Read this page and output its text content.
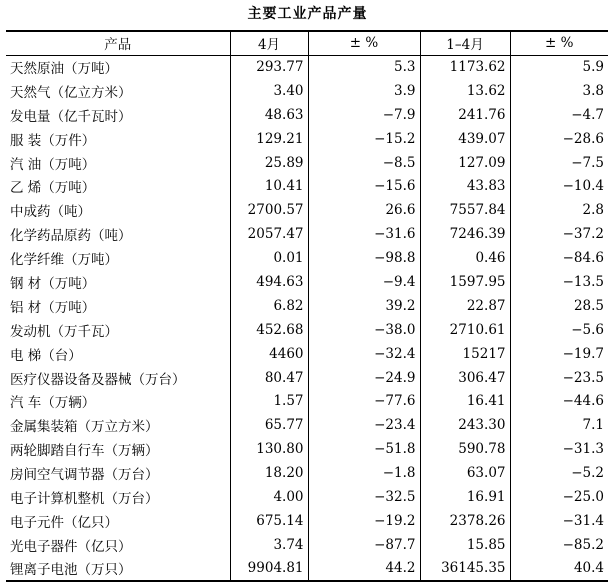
主要工业产品产量
产品	4月	± %	1–4月	± %
天然原油（万吨）	293.77	5.3	1173.62	5.9
天然气（亿立方米）	3.40	3.9	13.62	3.8
发电量（亿千瓦时）	48.63	−7.9	241.76	−4.7
服 装（万件）	129.21	−15.2	439.07	−28.6
汽 油（万吨）	25.89	−8.5	127.09	−7.5
乙 烯（万吨）	10.41	−15.6	43.83	−10.4
中成药（吨）	2700.57	26.6	7557.84	2.8
化学药品原药（吨）	2057.47	−31.6	7246.39	−37.2
化学纤维（万吨）	0.01	−98.8	0.46	−84.6
钢 材（万吨）	494.63	−9.4	1597.95	−13.5
铝 材（万吨）	6.82	39.2	22.87	28.5
发动机（万千瓦）	452.68	−38.0	2710.61	−5.6
电 梯（台）	4460	−32.4	15217	−19.7
医疗仪器设备及器械（万台）	80.47	−24.9	306.47	−23.5
汽 车（万辆）	1.57	−77.6	16.41	−44.6
金属集装箱（万立方米）	65.77	−23.4	243.30	7.1
两轮脚踏自行车（万辆）	130.80	−51.8	590.78	−31.3
房间空气调节器（万台）	18.20	−1.8	63.07	−5.2
电子计算机整机（万台）	4.00	−32.5	16.91	−25.0
电子元件（亿只）	675.14	−19.2	2378.26	−31.4
光电子器件（亿只）	3.74	−87.7	15.85	−85.2
锂离子电池（万只）	9904.81	44.2	36145.35	40.4
